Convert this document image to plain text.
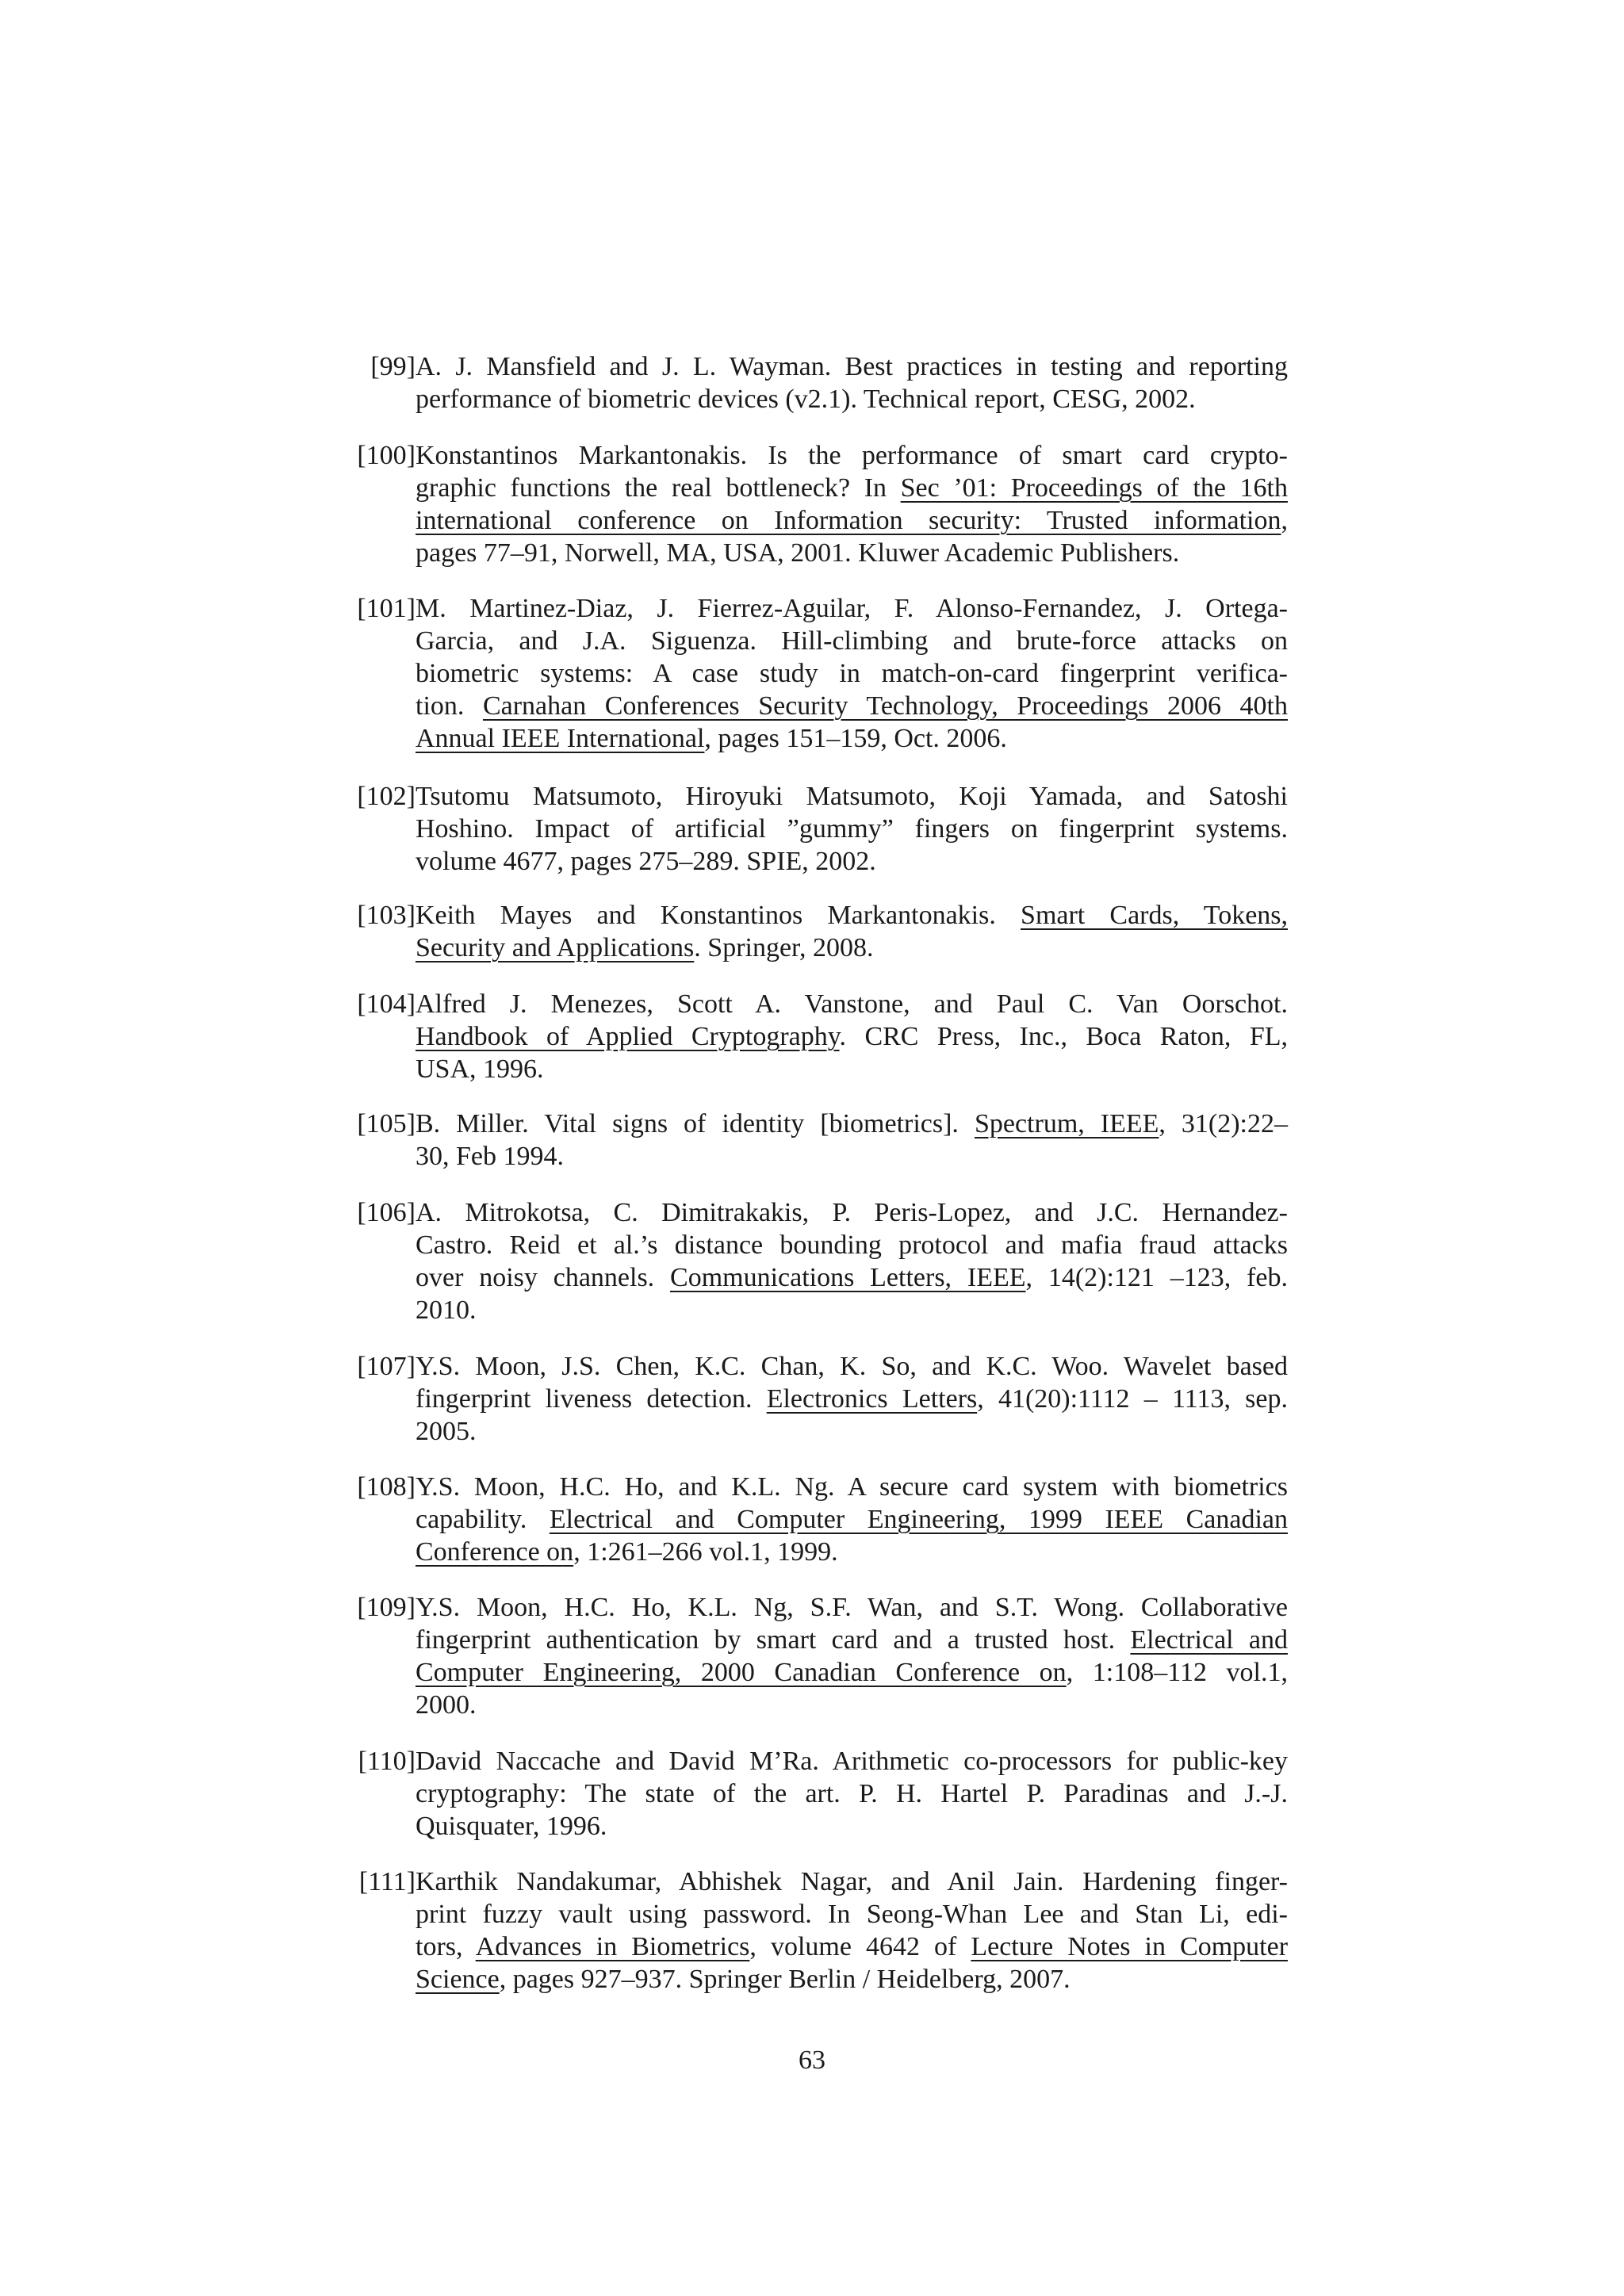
[99] A. J. Mansfield and J. L. Wayman. Best practices in testing and reporting
performance of biometric devices (v2.1). Technical report, CESG, 2002.
[100] Konstantinos Markantonakis. Is the performance of smart card crypto-
graphic functions the real bottleneck? In Sec ’01: Proceedings of the 16th
international conference on Information security: Trusted information,
pages 77–91, Norwell, MA, USA, 2001. Kluwer Academic Publishers.
[101] M. Martinez-Diaz, J. Fierrez-Aguilar, F. Alonso-Fernandez, J. Ortega-
Garcia, and J.A. Siguenza. Hill-climbing and brute-force attacks on
biometric systems: A case study in match-on-card fingerprint verifica-
tion. Carnahan Conferences Security Technology, Proceedings 2006 40th
Annual IEEE International, pages 151–159, Oct. 2006.
[102] Tsutomu Matsumoto, Hiroyuki Matsumoto, Koji Yamada, and Satoshi
Hoshino. Impact of artificial ”gummy” fingers on fingerprint systems.
volume 4677, pages 275–289. SPIE, 2002.
[103] Keith Mayes and Konstantinos Markantonakis. Smart Cards, Tokens,
Security and Applications. Springer, 2008.
[104] Alfred J. Menezes, Scott A. Vanstone, and Paul C. Van Oorschot.
Handbook of Applied Cryptography. CRC Press, Inc., Boca Raton, FL,
USA, 1996.
[105] B. Miller. Vital signs of identity [biometrics]. Spectrum, IEEE, 31(2):22–
30, Feb 1994.
[106] A. Mitrokotsa, C. Dimitrakakis, P. Peris-Lopez, and J.C. Hernandez-
Castro. Reid et al.’s distance bounding protocol and mafia fraud attacks
over noisy channels. Communications Letters, IEEE, 14(2):121 –123, feb.
2010.
[107] Y.S. Moon, J.S. Chen, K.C. Chan, K. So, and K.C. Woo. Wavelet based
fingerprint liveness detection. Electronics Letters, 41(20):1112 – 1113, sep.
2005.
[108] Y.S. Moon, H.C. Ho, and K.L. Ng. A secure card system with biometrics
capability. Electrical and Computer Engineering, 1999 IEEE Canadian
Conference on, 1:261–266 vol.1, 1999.
[109] Y.S. Moon, H.C. Ho, K.L. Ng, S.F. Wan, and S.T. Wong. Collaborative
fingerprint authentication by smart card and a trusted host. Electrical and
Computer Engineering, 2000 Canadian Conference on, 1:108–112 vol.1,
2000.
[110] David Naccache and David M’Ra. Arithmetic co-processors for public-key
cryptography: The state of the art. P. H. Hartel P. Paradinas and J.-J.
Quisquater, 1996.
[111] Karthik Nandakumar, Abhishek Nagar, and Anil Jain. Hardening finger-
print fuzzy vault using password. In Seong-Whan Lee and Stan Li, edi-
tors, Advances in Biometrics, volume 4642 of Lecture Notes in Computer
Science, pages 927–937. Springer Berlin / Heidelberg, 2007.
63
